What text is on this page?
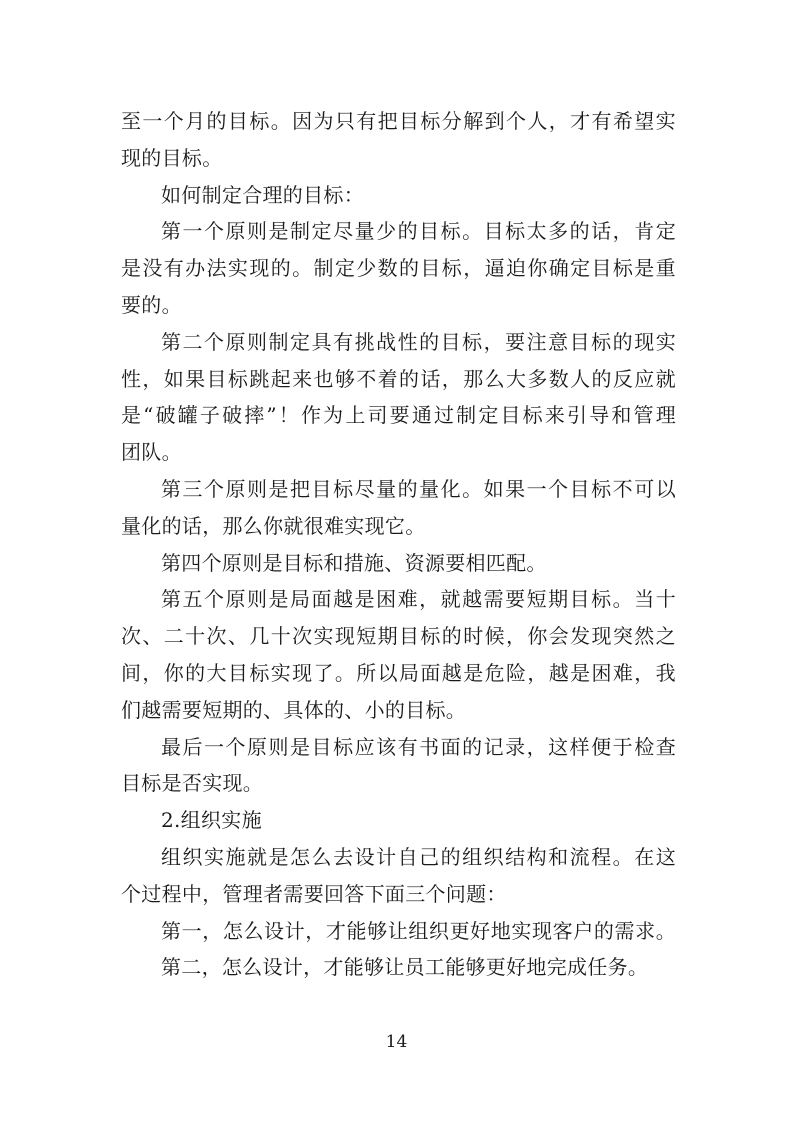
至一个月的目标。因为只有把目标分解到个人，才有希望实
现的目标。
如何制定合理的目标：
第一个原则是制定尽量少的目标。目标太多的话，肯定
是没有办法实现的。制定少数的目标，逼迫你确定目标是重
要的。
第二个原则制定具有挑战性的目标，要注意目标的现实
性，如果目标跳起来也够不着的话，那么大多数人的反应就
是“破罐子破摔”！作为上司要通过制定目标来引导和管理
团队。
第三个原则是把目标尽量的量化。如果一个目标不可以
量化的话，那么你就很难实现它。
第四个原则是目标和措施、资源要相匹配。
第五个原则是局面越是困难，就越需要短期目标。当十
次、二十次、几十次实现短期目标的时候，你会发现突然之
间，你的大目标实现了。所以局面越是危险，越是困难，我
们越需要短期的、具体的、小的目标。
最后一个原则是目标应该有书面的记录，这样便于检查
目标是否实现。
2.组织实施
组织实施就是怎么去设计自己的组织结构和流程。在这
个过程中，管理者需要回答下面三个问题：
第一，怎么设计，才能够让组织更好地实现客户的需求。
第二，怎么设计，才能够让员工能够更好地完成任务。
14
